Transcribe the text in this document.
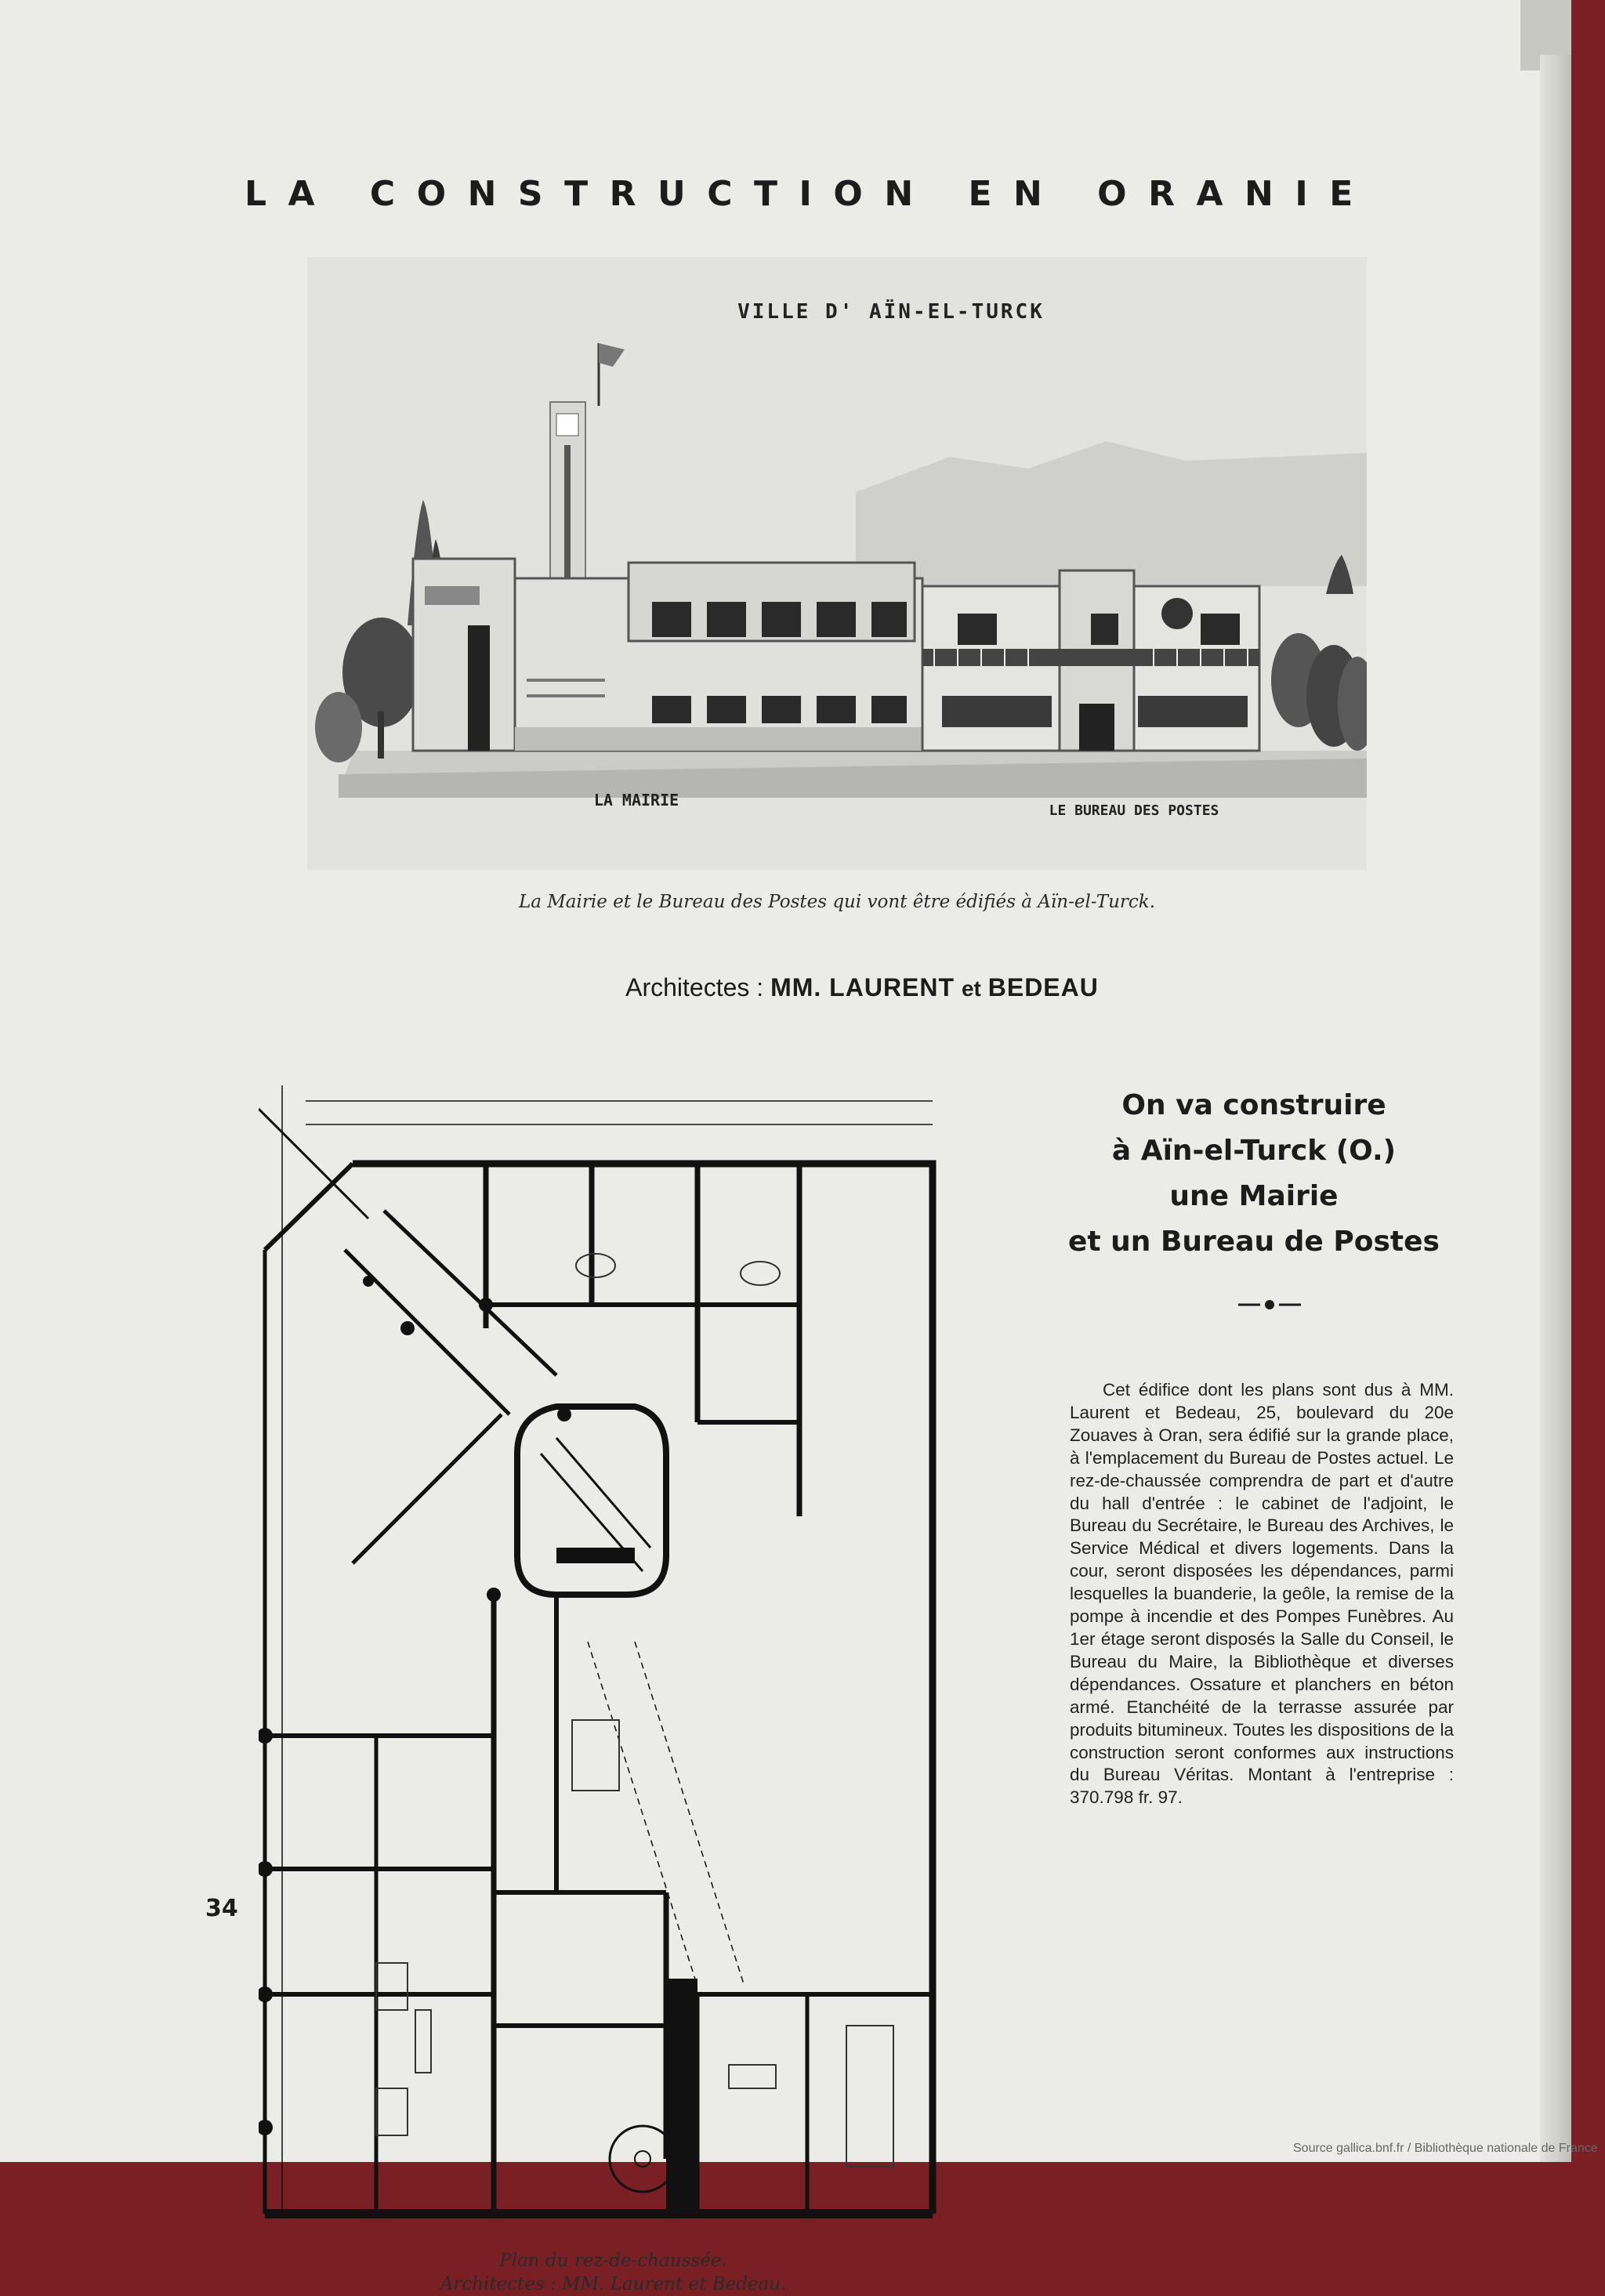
LA CONSTRUCTION EN ORANIE
VILLE D' AÏN-EL-TURCK
LA MAIRIE
LE BUREAU DES POSTES
La Mairie et le Bureau des Postes qui vont être édifiés à Aïn-el-Turck.
Architectes : MM. LAURENT et BEDEAU
Plan du rez-de-chaussée.
Architectes : MM. Laurent et Bedeau.
On va construire
à Aïn-el-Turck (O.)
une Mairie
et un Bureau de Postes
Cet édifice dont les plans sont dus à MM. Laurent et Bedeau, 25, boulevard du 20e Zouaves à Oran, sera édifié sur la grande place, à l'emplacement du Bureau de Postes actuel. Le rez-de-chaussée comprendra de part et d'autre du hall d'entrée : le cabinet de l'adjoint, le Bureau du Secrétaire, le Bureau des Archives, le Service Médical et divers logements. Dans la cour, seront disposées les dépendances, parmi lesquelles la buanderie, la geôle, la remise de la pompe à incendie et des Pompes Funèbres. Au 1er étage seront disposés la Salle du Conseil, le Bureau du Maire, la Bibliothèque et diverses dépendances. Ossature et planchers en béton armé. Etanchéité de la terrasse assurée par produits bitumineux. Toutes les dispositions de la construction seront conformes aux instructions du Bureau Véritas. Montant à l'entreprise : 370.798 fr. 97.
34
Source gallica.bnf.fr / Bibliothèque nationale de France
